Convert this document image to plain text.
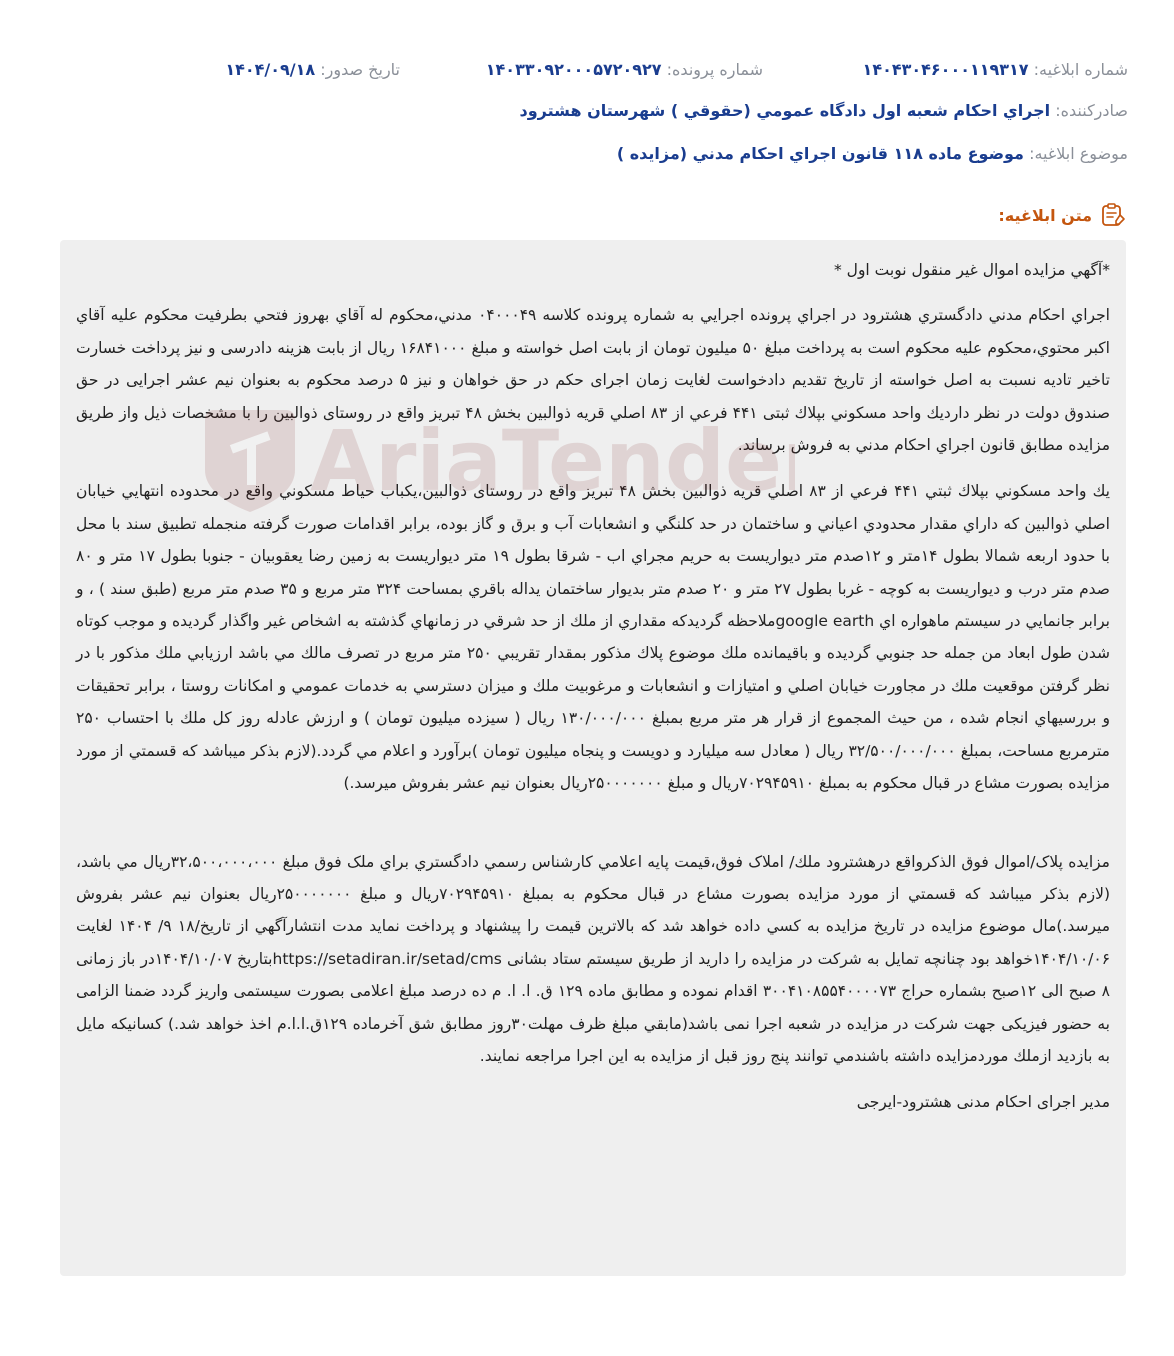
شماره ابلاغيه: ۱۴۰۴۳۰۴۶۰۰۰۱۱۹۳۱۷
شماره پرونده: ۱۴۰۳۳۰۹۲۰۰۰۵۷۲۰۹۲۷
تاريخ صدور: ۱۴۰۴/۰۹/۱۸
صادرکننده: اجراي احكام شعبه اول دادگاه عمومي (حقوقي ) شهرستان هشترود
موضوع ابلاغيه: موضوع ماده ۱۱۸ قانون اجراي احكام مدني (مزايده )
متن ابلاغيه:

*آگهي مزايده اموال غير منقول نوبت اول *

اجراي احكام مدني دادگستري هشترود در اجراي پرونده اجرايي به شماره پرونده كلاسه ۰۴۰۰۰۴۹ مدني،محكوم له آقاي بهروز فتحي بطرفيت محكوم عليه آقاي اكبر محتوي،محكوم عليه محكوم است به پرداخت مبلغ ۵۰ ميليون تومان از بابت اصل خواسته و مبلغ ۱۶۸۴۱۰۰۰ ريال از بابت هزينه دادرسی و نيز پرداخت خسارت تاخير تاديه نسبت به اصل خواسته از تاريخ تقديم دادخواست لغايت زمان اجرای حکم در حق خواهان و نيز ۵ درصد محکوم به بعنوان نيم عشر اجرايی در حق صندوق دولت در نظر داردیك واحد مسكوني بپلاك ثبتی ۴۴۱ فرعي از ۸۳ اصلي قريه ذوالبين بخش ۴۸ تبريز واقع در روستای ذوالبين را با مشخصات ذيل واز طريق مزايده مطابق قانون اجراي احكام مدني به فروش برساند.

يك واحد مسكوني بپلاك ثبتي ۴۴۱ فرعي از ۸۳ اصلي قريه ذوالبين بخش ۴۸ تبريز واقع در روستای ذوالبين،يكباب حياط مسكوني واقع در محدوده انتهايي خيابان اصلي ذوالبين كه داراي مقدار محدودي اعياني و ساختمان در حد كلنگي و انشعابات آب و برق و گاز بوده، برابر اقدامات صورت گرفته منجمله تطبيق سند با محل با حدود اربعه شمالا بطول ۱۴متر و ۱۲صدم متر ديواريست به حريم مجراي اب - شرقا بطول ۱۹ متر ديواريست به زمين رضا يعقوبيان - جنوبا بطول ۱۷ متر و ۸۰ صدم متر درب و ديواريست به كوچه - غربا بطول ۲۷ متر و ۲۰ صدم متر بديوار ساختمان يداله باقري بمساحت ۳۲۴ متر مربع و ۳۵ صدم متر مربع (طبق سند ) ، و برابر جانمايي در سيستم ماهواره اي google earthملاحظه گرديدكه مقداري از ملك از حد شرقي در زمانهاي گذشته به اشخاص غير واگذار گرديده و موجب كوتاه شدن طول ابعاد من جمله حد جنوبي گرديده و باقيمانده ملك موضوع پلاك مذكور بمقدار تقريبي ۲۵۰ متر مربع در تصرف مالك مي باشد ارزيابي ملك مذكور با در نظر گرفتن موقعيت ملك در مجاورت خيابان اصلي و امتيازات و انشعابات و مرغوبيت ملك و ميزان دسترسي به خدمات عمومي و امكانات روستا ، برابر تحقيقات و بررسيهاي انجام شده ، من حيث المجموع از قرار هر متر مربع بمبلغ ۱۳۰/۰۰۰/۰۰۰ ريال ( سيزده ميليون تومان ) و ارزش عادله روز كل ملك با احتساب ۲۵۰ مترمربع مساحت، بمبلغ ۳۲/۵۰۰/۰۰۰/۰۰۰ ريال ( معادل سه ميليارد و دويست و پنجاه ميليون تومان )برآورد و اعلام مي گردد.(لازم بذكر ميباشد كه قسمتي از مورد مزايده بصورت مشاع در قبال محكوم به بمبلغ ۷۰۲۹۴۵۹۱۰ريال و مبلغ ۲۵۰۰۰۰۰۰۰ريال بعنوان نيم عشر بفروش ميرسد.)

مزايده پلاک/اموال فوق الذکرواقع درهشترود ملك/ املاک فوق،قيمت پايه اعلامي کارشناس رسمي دادگستري براي ملک فوق مبلغ ۳۲،۵۰۰،۰۰۰،۰۰۰ريال مي باشد، (لازم بذكر ميباشد كه قسمتي از مورد مزايده بصورت مشاع در قبال محكوم به بمبلغ ۷۰۲۹۴۵۹۱۰ريال و مبلغ ۲۵۰۰۰۰۰۰۰ريال بعنوان نيم عشر بفروش ميرسد.)مال موضوع مزايده در تاريخ مزايده به کسي داده خواهد شد که بالاترين قيمت را پيشنهاد و پرداخت نمايد مدت انتشارآگهي از تاريخ/۱۸ ۹/ ۱۴۰۴ لغايت ۱۴۰۴/۱۰/۰۶خواهد بود چنانچه تمايل به شرکت در مزايده را داريد از طريق سيستم ستاد بشانی https://setadiran.ir/setad/cmsبتاريخ ۱۴۰۴/۱۰/۰۷در باز زمانی ۸ صبح الی ۱۲صبح بشماره حراج ۳۰۰۴۱۰۸۵۵۴۰۰۰۰۷۳ اقدام نموده و مطابق ماده ۱۲۹ ق. ا. ا. م ده درصد مبلغ اعلامی بصورت سيستمی واريز گردد ضمنا الزامی به حضور فيزيکی جهت شرکت در مزايده در شعبه اجرا نمی باشد(مابقي مبلغ ظرف مهلت۳۰روز مطابق شق آخرماده ۱۲۹ق.ا.ا.م اخذ خواهد شد.) کسانيکه مايل به بازديد ازملك موردمزايده داشته باشندمي توانند پنج روز قبل از مزايده به اين اجرا مراجعه نمايند.

مدير اجرای احکام مدنی هشترود-ايرجی
